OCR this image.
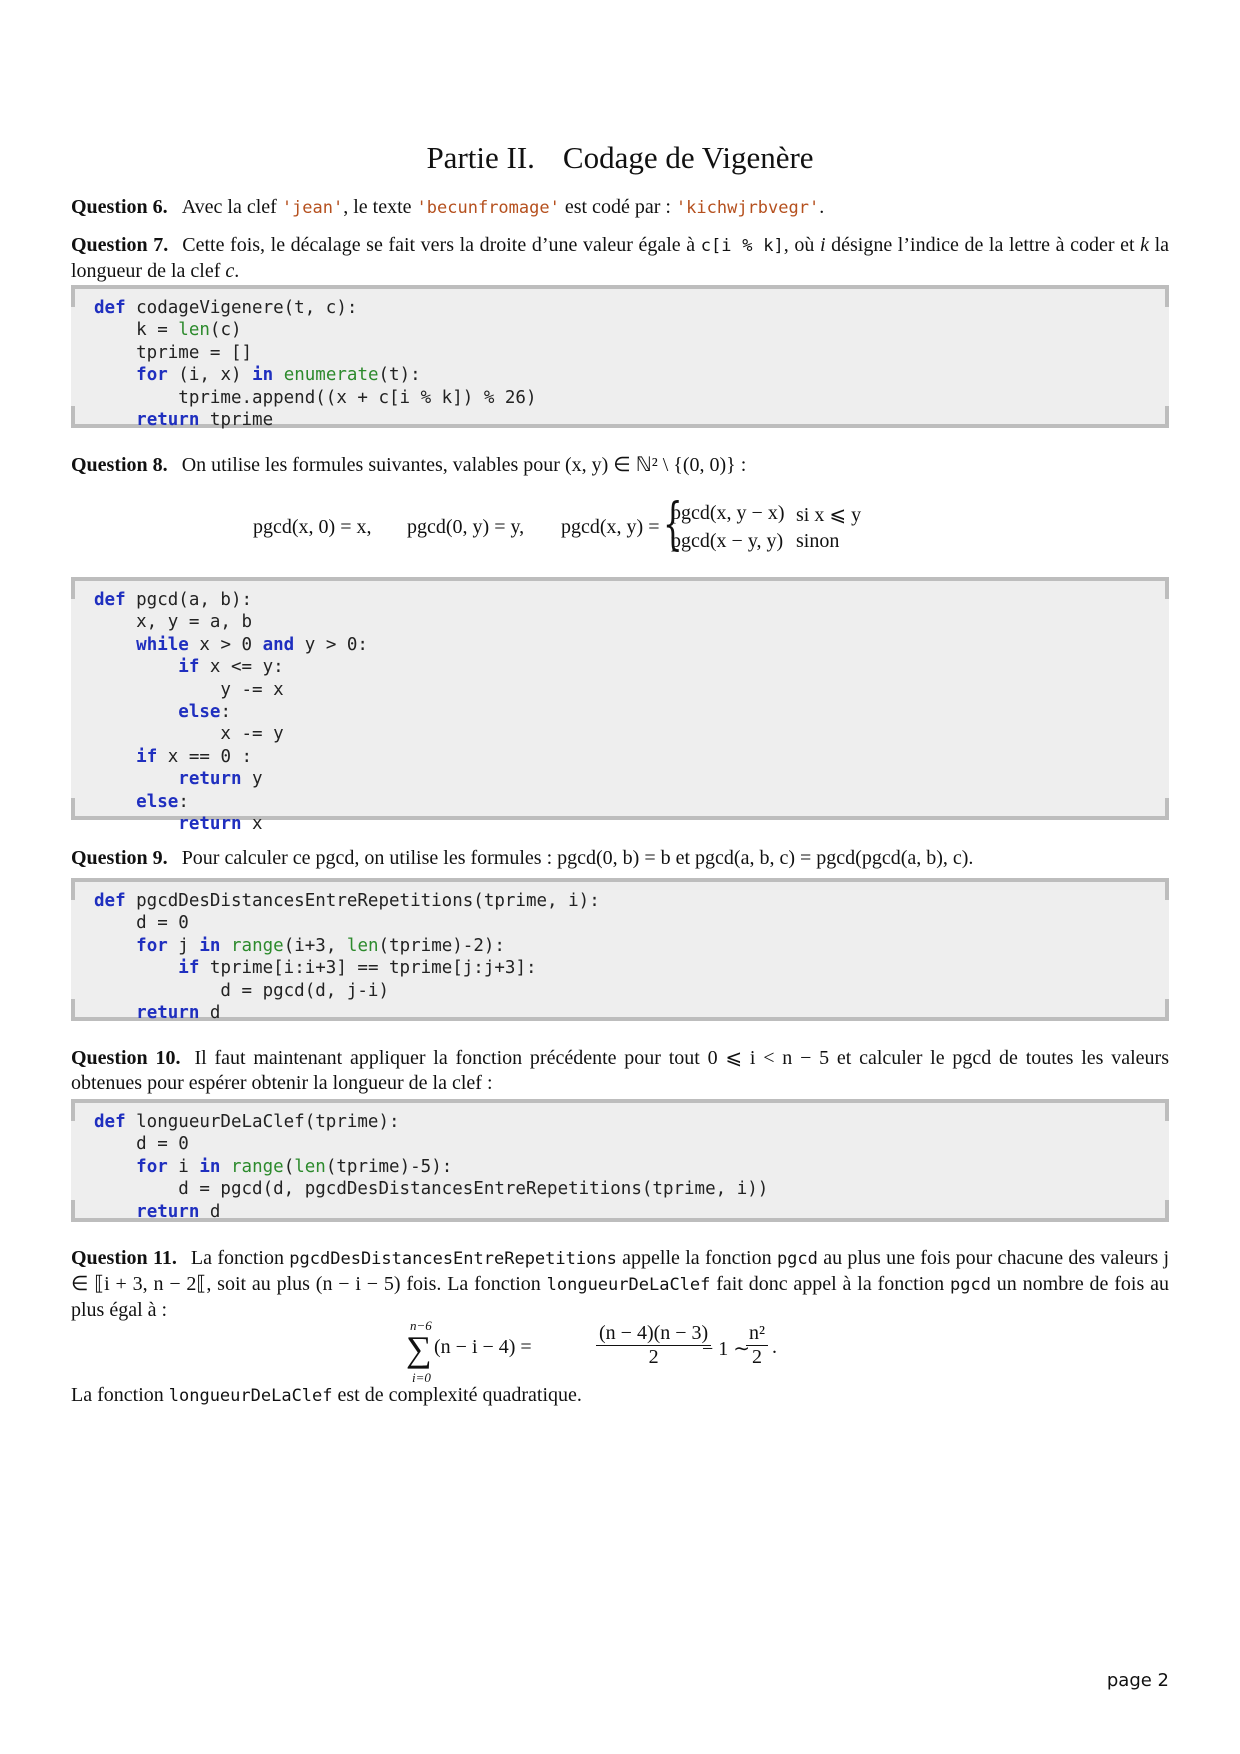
Partie II. Codage de Vigenère
Question 6. Avec la clef 'jean', le texte 'becunfromage' est codé par : 'kichwjrbvegr'.
Question 7. Cette fois, le décalage se fait vers la droite d’une valeur égale à c[i % k], où i désigne l’indice de la lettre à coder et k la longueur de la clef c.
def codageVigenere(t, c):
k = len(c)
tprime = []
for (i, x) in enumerate(t):
tprime.append((x + c[i % k]) % 26)
return tprime
Question 8. On utilise les formules suivantes, valables pour (x, y) ∈ ℕ² \ {(0, 0)} :
pgcd(x, 0) = x, pgcd(0, y) = y, pgcd(x, y) = {
pgcd(x, y − x) si x ⩽ y
pgcd(x − y, y) sinon
def pgcd(a, b):
x, y = a, b
while x > 0 and y > 0:
if x <= y:
y -= x
else:
x -= y
if x == 0 :
return y
else:
return x
Question 9. Pour calculer ce pgcd, on utilise les formules : pgcd(0, b) = b et pgcd(a, b, c) = pgcd(pgcd(a, b), c).
def pgcdDesDistancesEntreRepetitions(tprime, i):
d = 0
for j in range(i+3, len(tprime)-2):
if tprime[i:i+3] == tprime[j:j+3]:
d = pgcd(d, j-i)
return d
Question 10. Il faut maintenant appliquer la fonction précédente pour tout 0 ⩽ i < n − 5 et calculer le pgcd de toutes les valeurs obtenues pour espérer obtenir la longueur de la clef :
def longueurDeLaClef(tprime):
d = 0
for i in range(len(tprime)-5):
d = pgcd(d, pgcdDesDistancesEntreRepetitions(tprime, i))
return d
Question 11. La fonction pgcdDesDistancesEntreRepetitions appelle la fonction pgcd au plus une fois pour chacune des valeurs j ∈ ⟦i + 3, n − 2⟦, soit au plus (n − i − 5) fois. La fonction longueurDeLaClef fait donc appel à la fonction pgcd un nombre de fois au plus égal à :
n−6
∑
i=0
(n − i − 4) =	$\frac{(n - 4)(n - 3)}{2}$
− 1 ∼
$\frac{\text{n²}}{2}$ .
La fonction longueurDeLaClef est de complexité quadratique.
page 2
